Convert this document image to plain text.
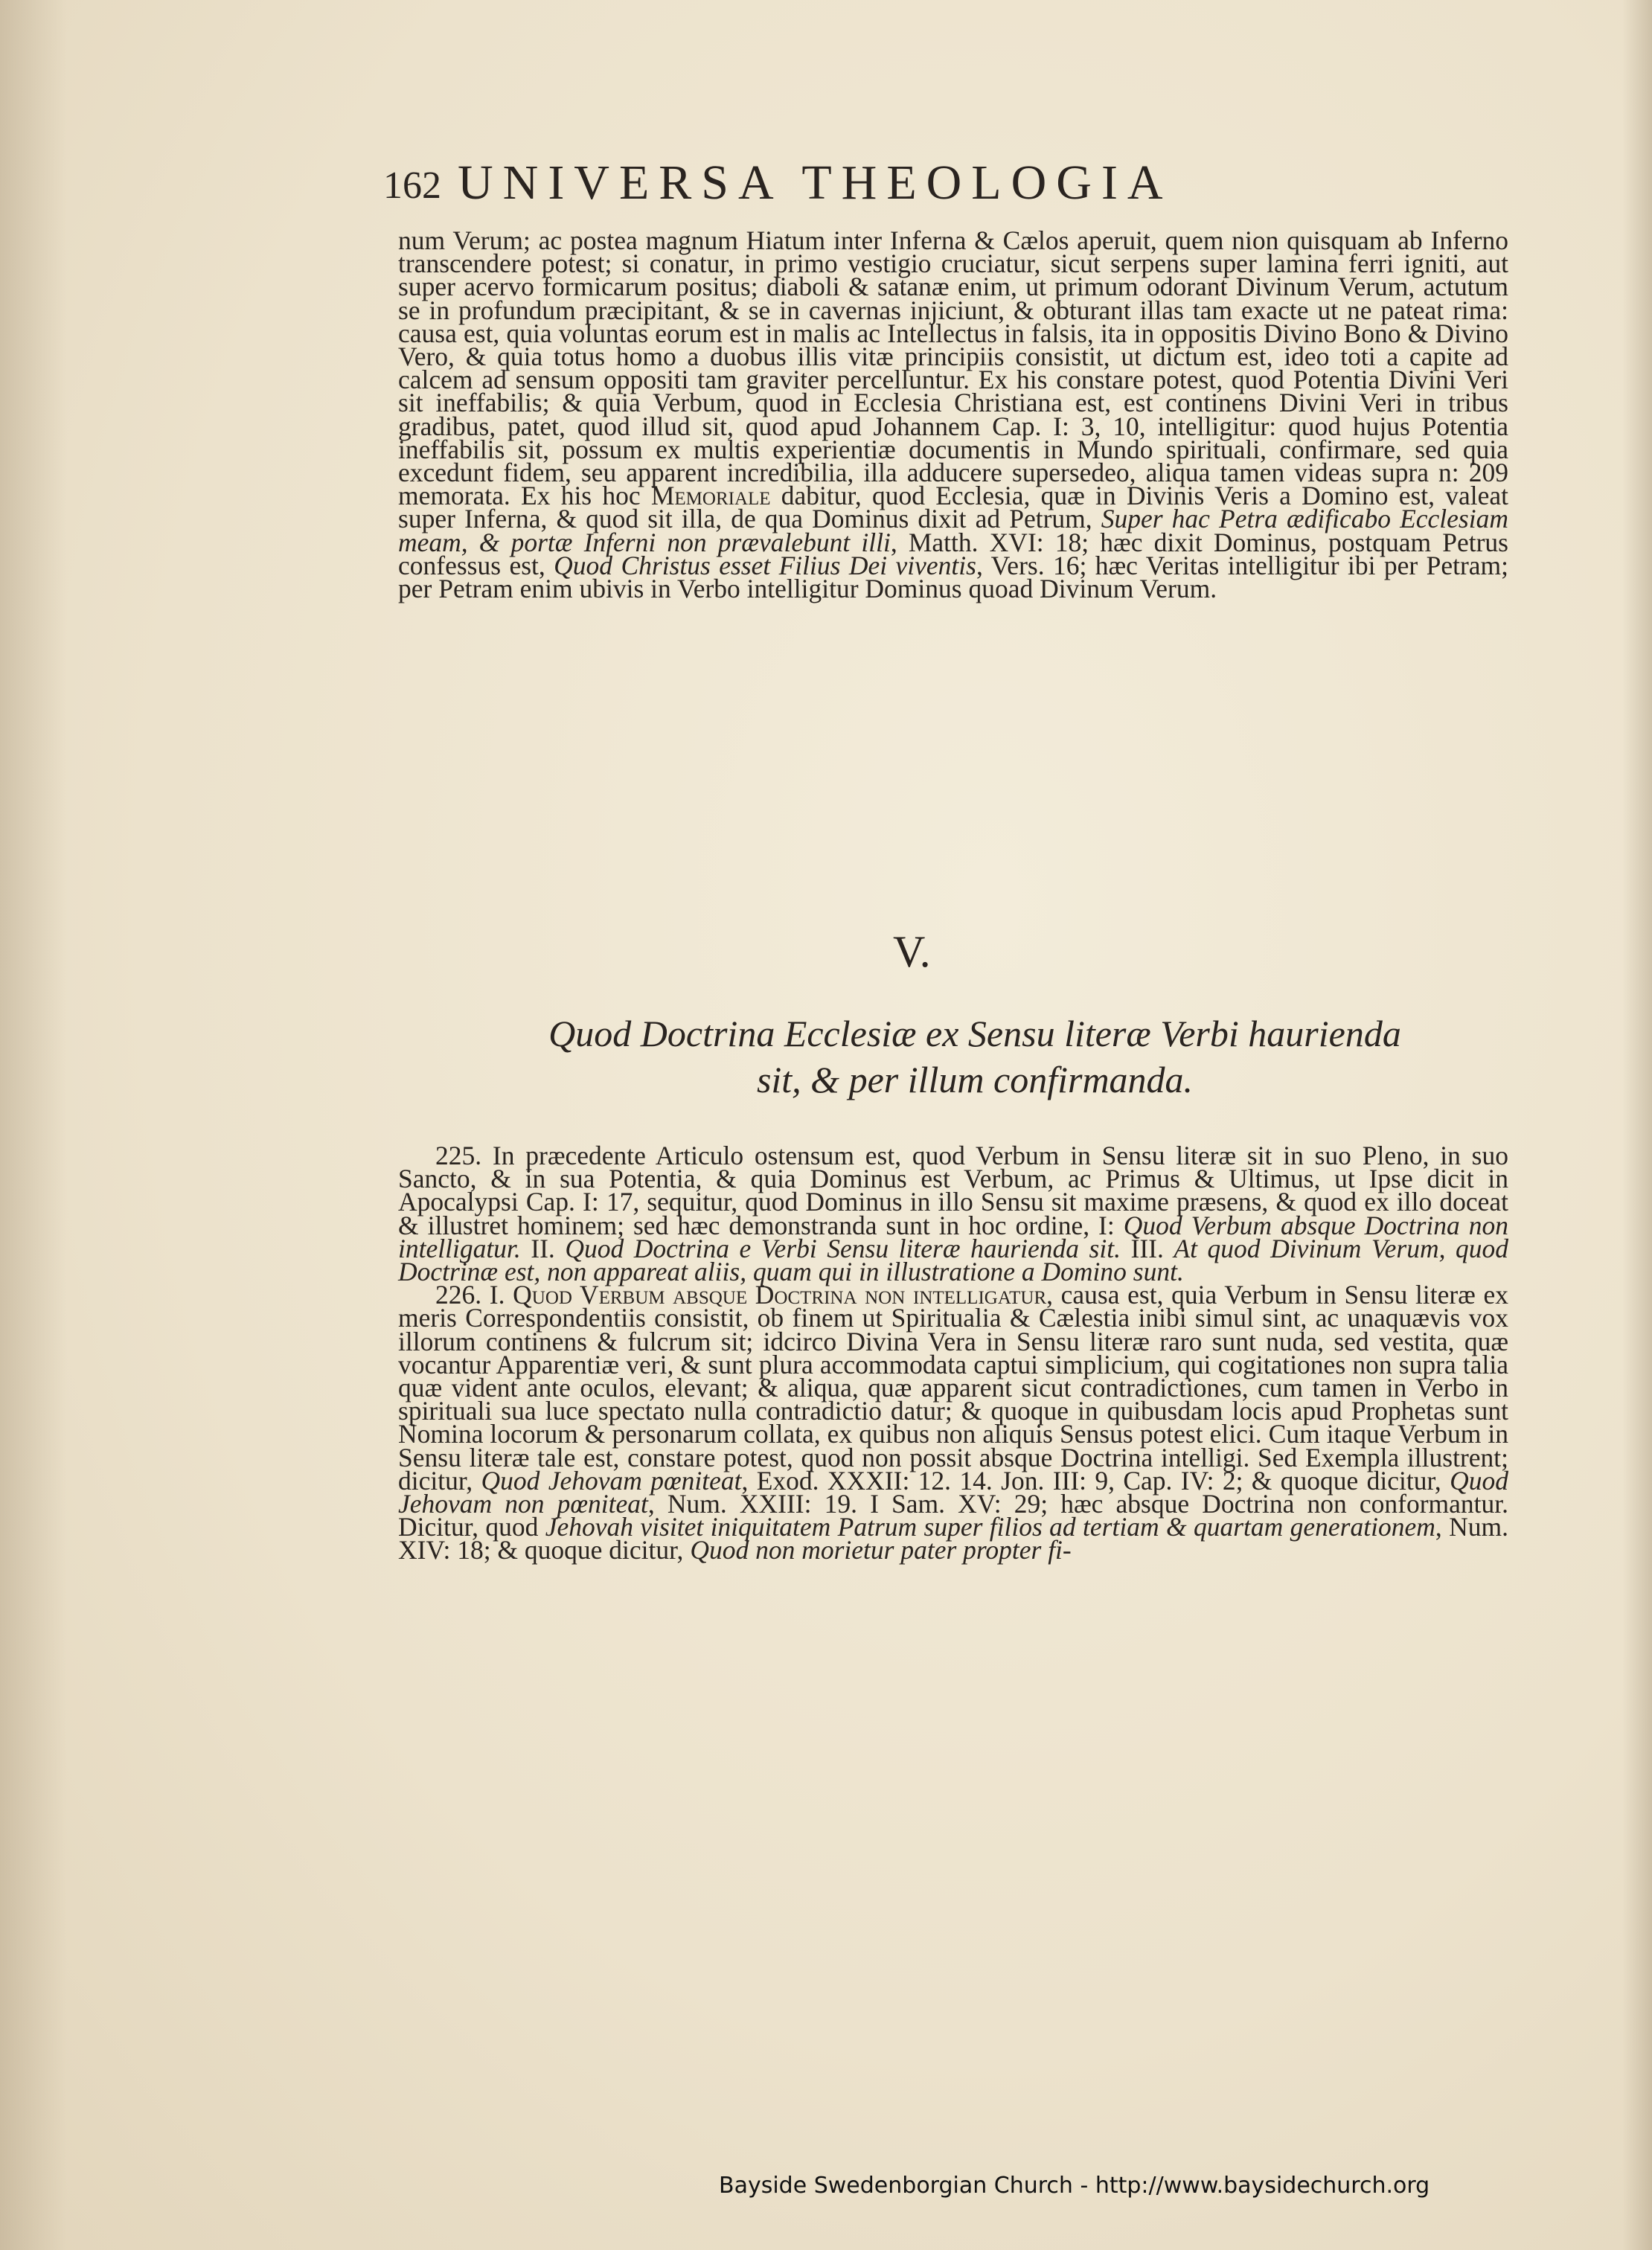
162 UNIVERSA THEOLOGIA

num Verum; ac postea magnum Hiatum inter Inferna & Cælos aperuit, quem nion quisquam ab Inferno transcendere potest; si conatur, in primo vestigio cruciatur, sicut serpens super lamina ferri igniti, aut super acervo formicarum positus; diaboli & satanæ enim, ut primum odorant Divinum Verum, actutum se in profundum præcipitant, & se in cavernas injiciunt, & obturant illas tam exacte ut ne pateat rima: causa est, quia voluntas eorum est in malis ac Intellectus in falsis, ita in oppositis Divino Bono & Divino Vero, & quia totus homo a duobus illis vitæ principiis consistit, ut dictum est, ideo toti a capite ad calcem ad sensum oppositi tam graviter percelluntur. Ex his constare potest, quod Potentia Divini Veri sit ineffabilis; & quia Verbum, quod in Ecclesia Christiana est, est continens Divini Veri in tribus gradibus, patet, quod illud sit, quod apud Johannem Cap. I: 3, 10, intelligitur: quod hujus Potentia ineffabilis sit, possum ex multis experientiæ documentis in Mundo spirituali, confirmare, sed quia excedunt fidem, seu apparent incredibilia, illa adducere supersedeo, aliqua tamen videas supra n: 209 memorata. Ex his hoc Memoriale dabitur, quod Ecclesia, quæ in Divinis Veris a Domino est, valeat super Inferna, & quod sit illa, de qua Dominus dixit ad Petrum, Super hac Petra ædificabo Ecclesiam meam, & portæ Inferni non prævalebunt illi, Matth. XVI: 18; hæc dixit Dominus, postquam Petrus confessus est, Quod Christus esset Filius Dei viventis, Vers. 16; hæc Veritas intelligitur ibi per Petram; per Petram enim ubivis in Verbo intelligitur Dominus quoad Divinum Verum.

V.
Quod Doctrina Ecclesiæ ex Sensu literæ Verbi haurienda
sit, & per illum confirmanda.

225. In præcedente Articulo ostensum est, quod Verbum in Sensu literæ sit in suo Pleno, in suo Sancto, & in sua Potentia, & quia Dominus est Verbum, ac Primus & Ultimus, ut Ipse dicit in Apocalypsi Cap. I: 17, sequitur, quod Dominus in illo Sensu sit maxime præsens, & quod ex illo doceat & illustret hominem; sed hæc demonstranda sunt in hoc ordine, I: Quod Verbum absque Doctrina non intelligatur. II. Quod Doctrina e Verbi Sensu literæ haurienda sit. III. At quod Divinum Verum, quod Doctrinæ est, non appareat aliis, quam qui in illustratione a Domino sunt.

226. I. Quod Verbum absque Doctrina non intelligatur, causa est, quia Verbum in Sensu literæ ex meris Correspondentiis consistit, ob finem ut Spiritualia & Cælestia inibi simul sint, ac unaquævis vox illorum continens & fulcrum sit; idcirco Divina Vera in Sensu literæ raro sunt nuda, sed vestita, quæ vocantur Apparentiæ veri, & sunt plura accommodata captui simplicium, qui cogitationes non supra talia quæ vident ante oculos, elevant; & aliqua, quæ apparent sicut contradictiones, cum tamen in Verbo in spirituali sua luce spectato nulla contradictio datur; & quoque in quibusdam locis apud Prophetas sunt Nomina locorum & personarum collata, ex quibus non aliquis Sensus potest elici. Cum itaque Verbum in Sensu literæ tale est, constare potest, quod non possit absque Doctrina intelligi. Sed Exempla illustrent; dicitur, Quod Jehovam pœniteat, Exod. XXXII: 12. 14. Jon. III: 9, Cap. IV: 2; & quoque dicitur, Quod Jehovam non pœniteat, Num. XXIII: 19. I Sam. XV: 29; hæc absque Doctrina non conformantur. Dicitur, quod Jehovah visitet iniquitatem Patrum super filios ad tertiam & quartam generationem, Num. XIV: 18; & quoque dicitur, Quod non morietur pater propter fi-

Bayside Swedenborgian Church - http://www.baysidechurch.org
